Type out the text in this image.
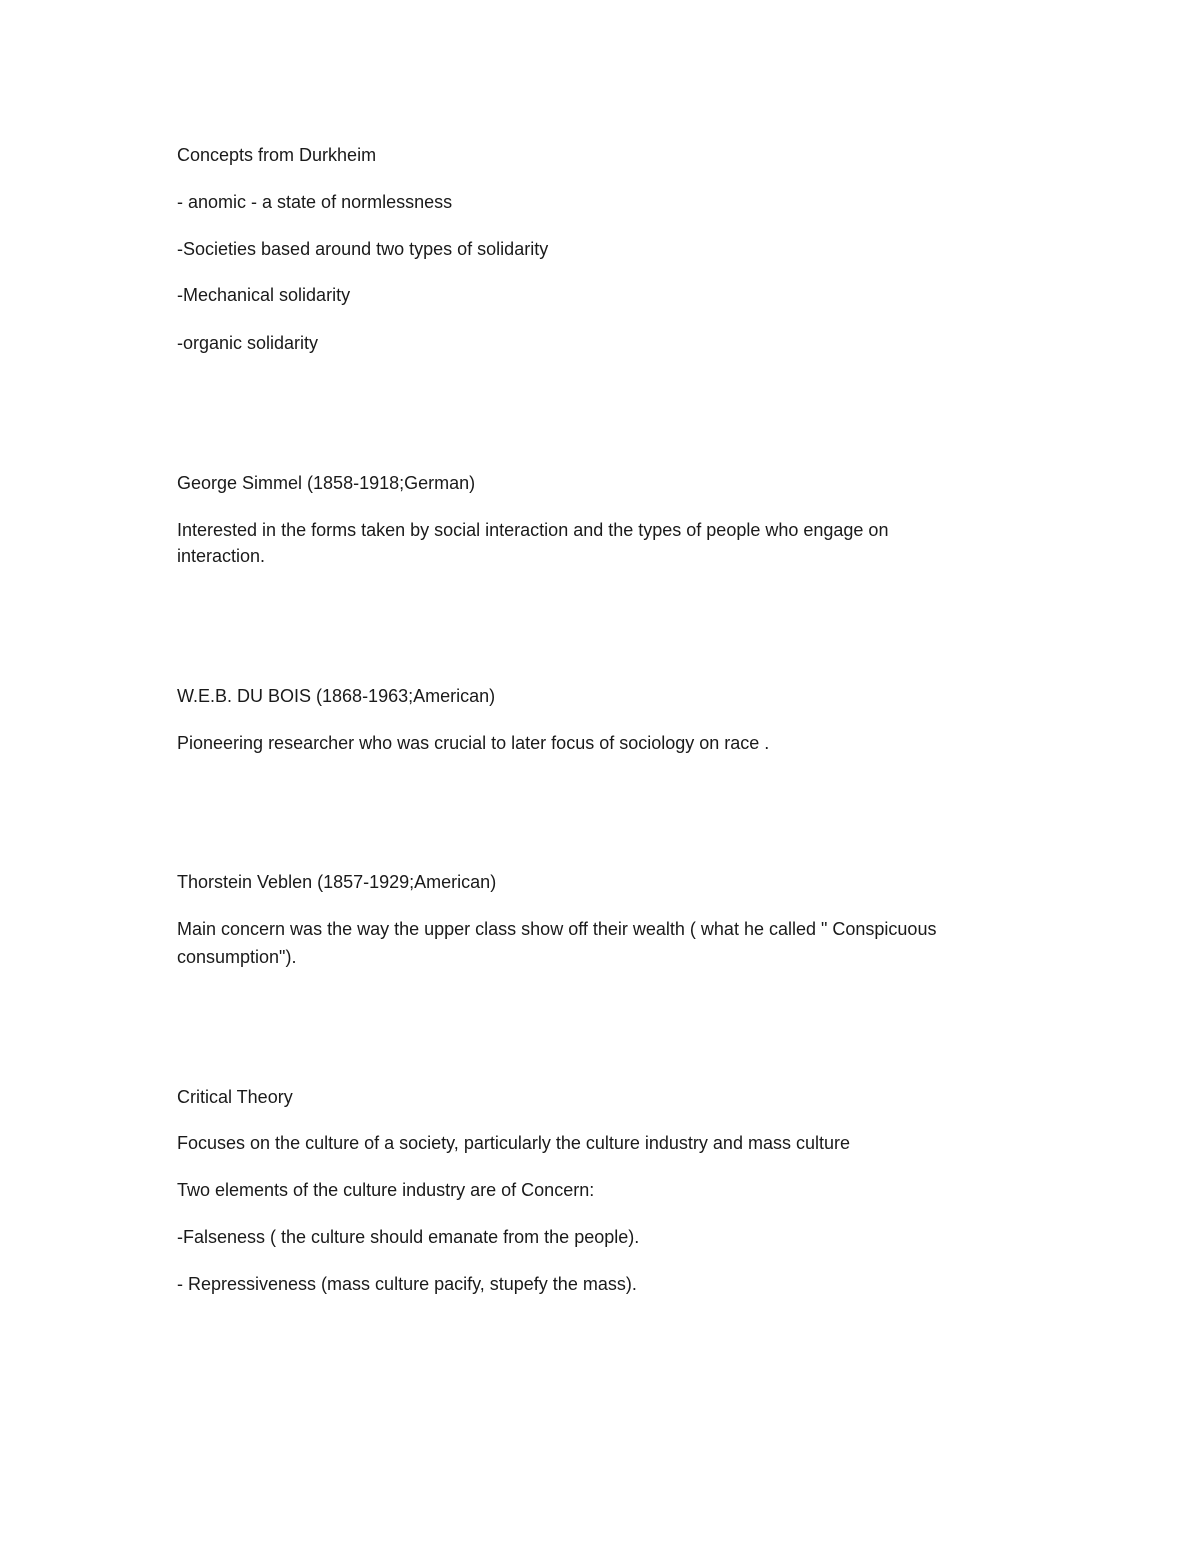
Concepts from Durkheim
- anomic - a state of normlessness
-Societies based around two types of solidarity
-Mechanical solidarity
-organic solidarity
George Simmel (1858-1918;German)
Interested in the forms taken by social interaction and the types of people who engage on
interaction.
W.E.B. DU BOIS (1868-1963;American)
Pioneering researcher who was crucial to later focus of sociology on race .
Thorstein Veblen (1857-1929;American)
Main concern was the way the upper class show off their wealth ( what he called " Conspicuous
consumption").
Critical Theory
Focuses on the culture of a society, particularly the culture industry and mass culture
Two elements of the culture industry are of Concern:
-Falseness ( the culture should emanate from the people).
- Repressiveness (mass culture pacify, stupefy the mass).
